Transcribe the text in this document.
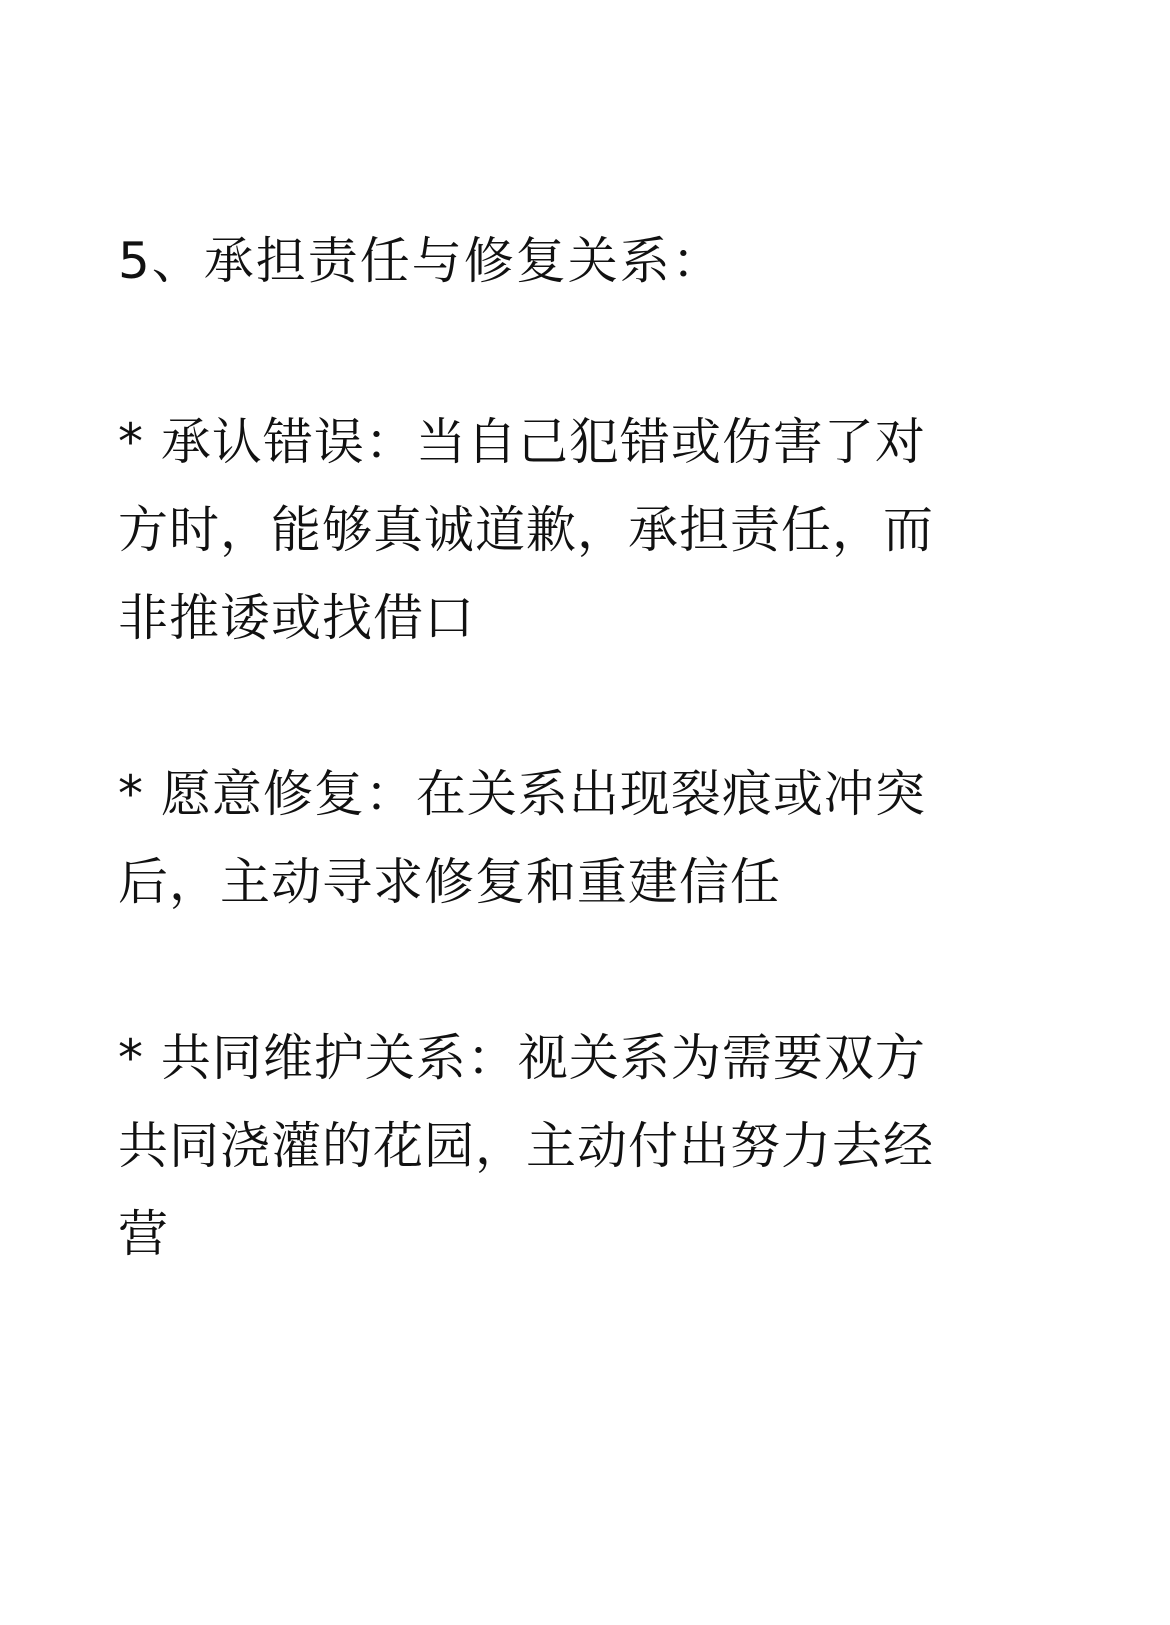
5、承担责任与修复关系：

* 承认错误：当自己犯错或伤害了对
方时，能够真诚道歉，承担责任，而
非推诿或找借口

* 愿意修复：在关系出现裂痕或冲突
后，主动寻求修复和重建信任

* 共同维护关系：视关系为需要双方
共同浇灌的花园，主动付出努力去经
营
